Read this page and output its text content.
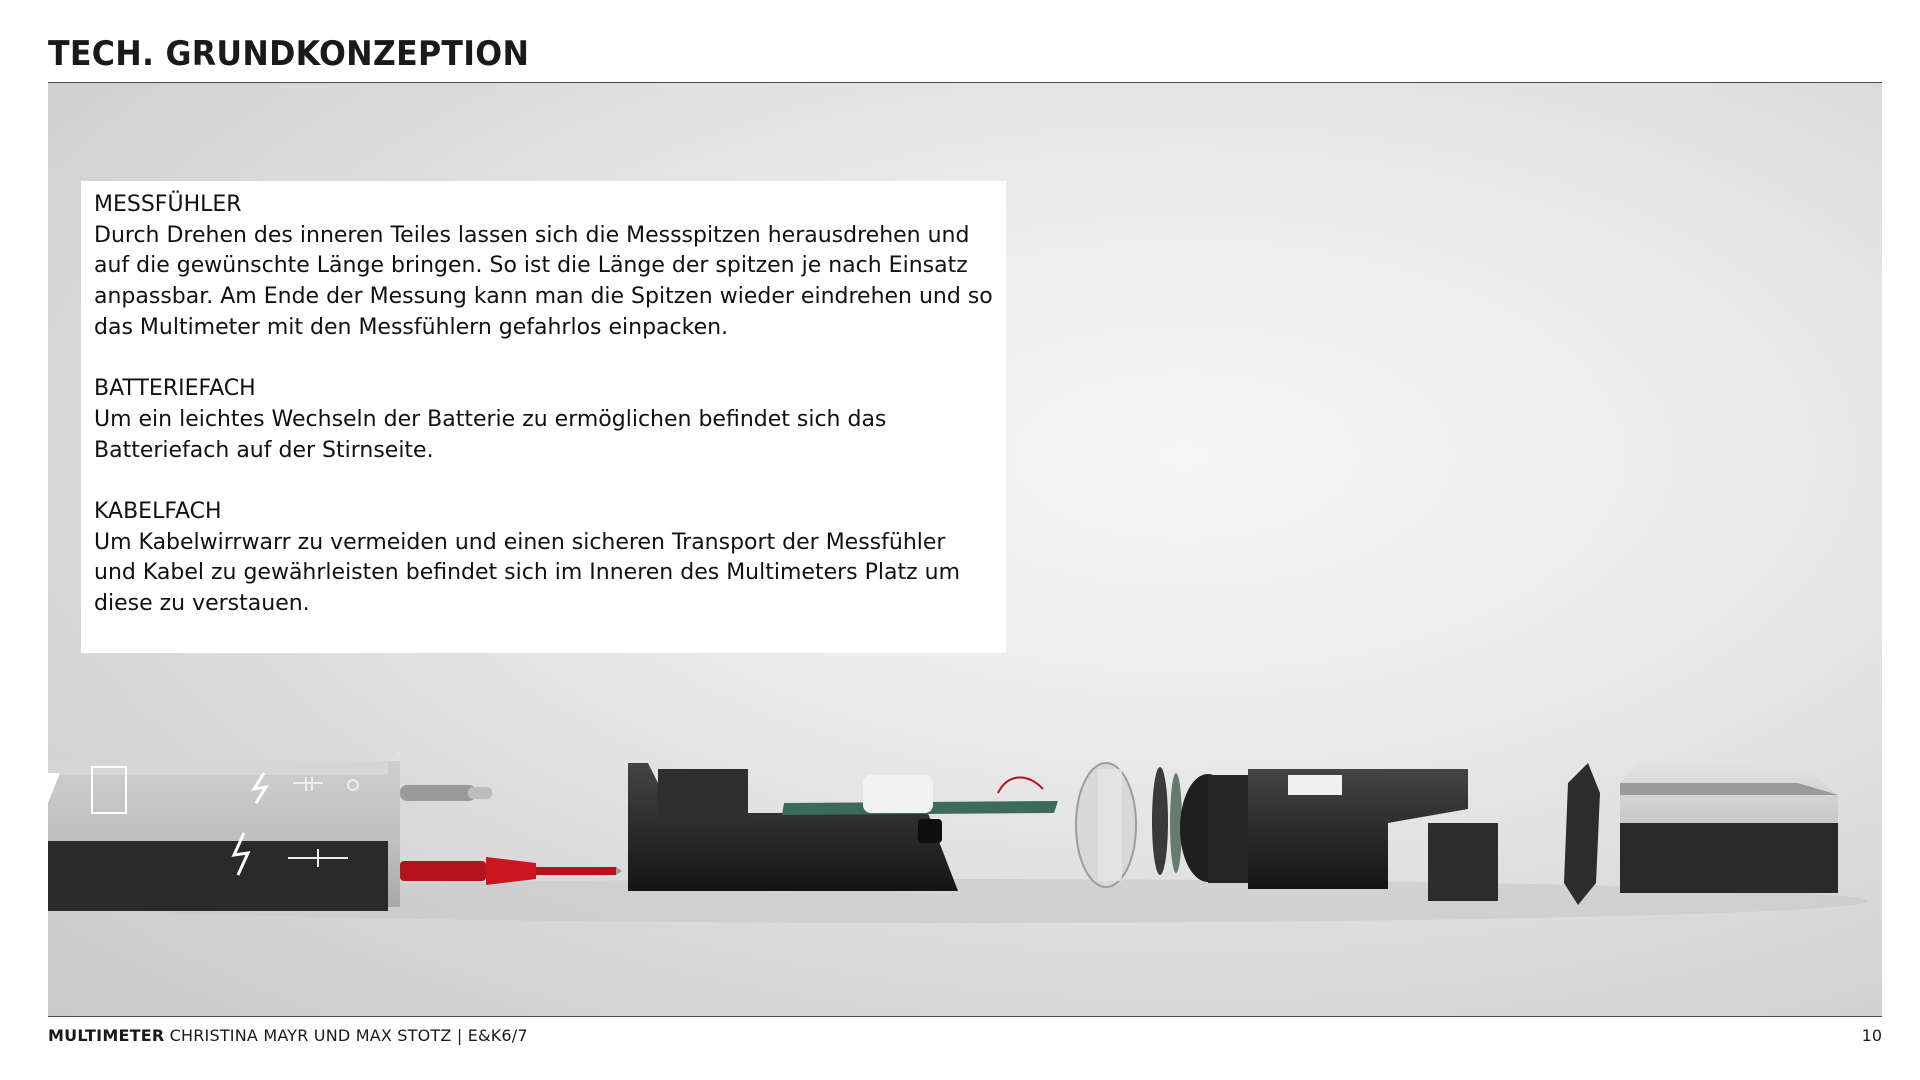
TECH. GRUNDKONZEPTION

MESSFÜHLER

Durch Drehen des inneren Teiles lassen sich die Messspitzen herausdrehen und auf die gewünschte Länge bringen. So ist die Länge der spitzen je nach Einsatz anpassbar. Am Ende der Messung kann man die Spitzen wieder eindrehen und so das Multimeter mit den Messfühlern gefahrlos einpacken.

BATTERIEFACH

Um ein leichtes Wechseln der Batterie zu ermöglichen befindet sich das Batteriefach auf der Stirnseite.

KABELFACH

Um Kabelwirrwarr zu vermeiden und einen sicheren Transport der Messfühler und Kabel zu gewährleisten befindet sich im Inneren des Multimeters Platz um diese zu verstauen.

MULTIMETER CHRISTINA MAYR UND MAX STOTZ | E&K6/7	10
